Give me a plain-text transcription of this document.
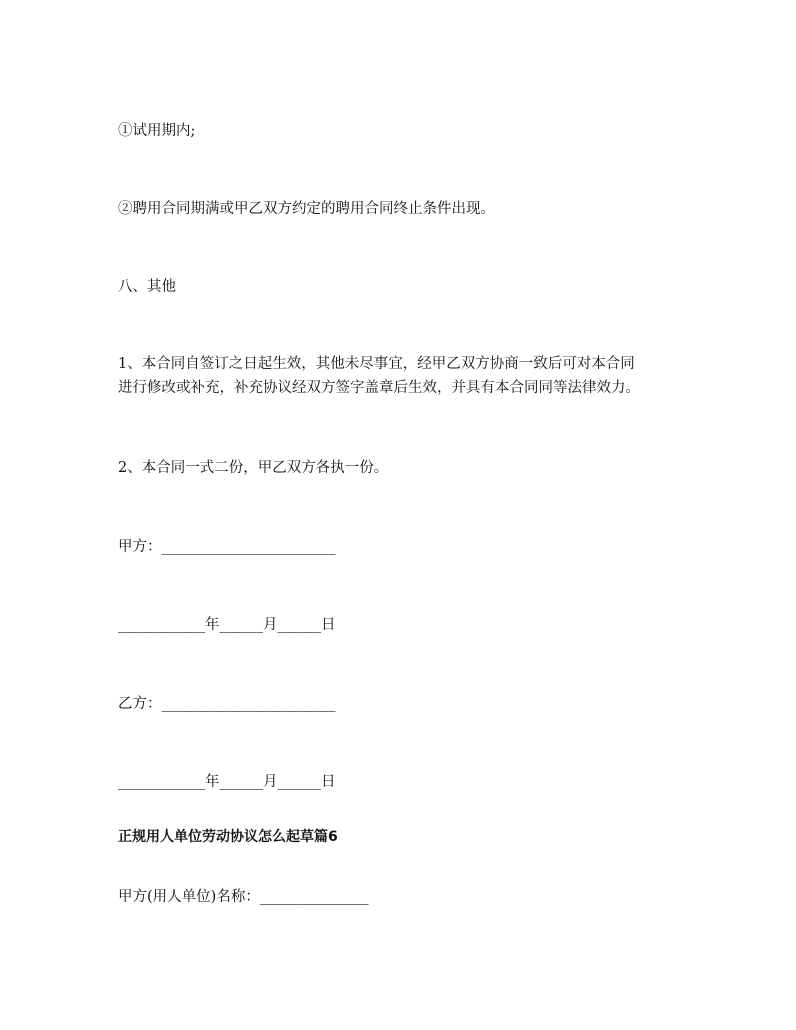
①试用期内;
②聘用合同期满或甲乙双方约定的聘用合同终止条件出现。
八、其他
1、本合同自签订之日起生效，其他未尽事宜，经甲乙双方协商一致后可对本合同
进行修改或补充，补充协议经双方签字盖章后生效，并具有本合同同等法律效力。
2、本合同一式二份，甲乙双方各执一份。
甲方：________________________
____________年______月______日
乙方：________________________
____________年______月______日
正规用人单位劳动协议怎么起草篇6
甲方(用人单位)名称：_______________
